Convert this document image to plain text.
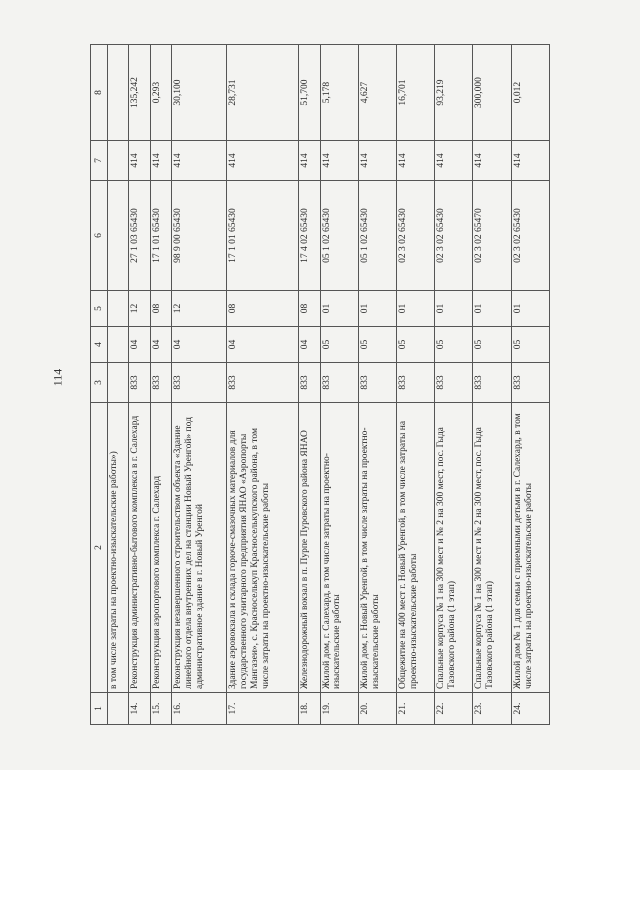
114
1	2	3	4	5	6	7	8
	в том числе затраты на проектно-изыскательские работы»)						
14.	Реконструкция административно-бытового комплекса в г. Салехард	833	04	12	27 1 03 65430	414	135,242
15.	Реконструкция аэропортового комплекса г. Салехард	833	04	08	17 1 01 65430	414	0,293
16.	Реконструкция незавершенного строительством объекта «Здание линейного отдела внутренних дел на станции Новый Уренгой» под административное здание в г. Новый Уренгой	833	04	12	98 9 00 65430	414	30,100
17.	Здание аэровокзала и склада горюче-смазочных материалов для государственного унитарного предприятия ЯНАО «Аэропорты Мангазеи», с. Красноселькуп Красноселькупского района, в том числе затраты на проектно-изыскательские работы	833	04	08	17 1 01 65430	414	28,731
18.	Железнодорожный вокзал в п. Пурпе Пуровского района ЯНАО	833	04	08	17 4 02 65430	414	51,700
19.	Жилой дом, г. Салехард, в том числе затраты на проектно-изыскательские работы	833	05	01	05 1 02 65430	414	5,178
20.	Жилой дом, г. Новый Уренгой, в том числе затраты на проектно-изыскательские работы	833	05	01	05 1 02 65430	414	4,627
21.	Общежитие на 400 мест г. Новый Уренгой, в том числе затраты на проектно-изыскательские работы	833	05	01	02 3 02 65430	414	16,701
22.	Спальные корпуса № 1 на 300 мест и № 2 на 300 мест, пос. Гыда Тазовского района (1 этап)	833	05	01	02 3 02 65430	414	93,219
23.	Спальные корпуса № 1 на 300 мест и № 2 на 300 мест, пос. Гыда Тазовского района (1 этап)	833	05	01	02 3 02 65470	414	300,000
24.	Жилой дом № 1 для семьи с приемными детьми в г. Салехард, в том числе затраты на проектно-изыскательские работы	833	05	01	02 3 02 65430	414	0,012
